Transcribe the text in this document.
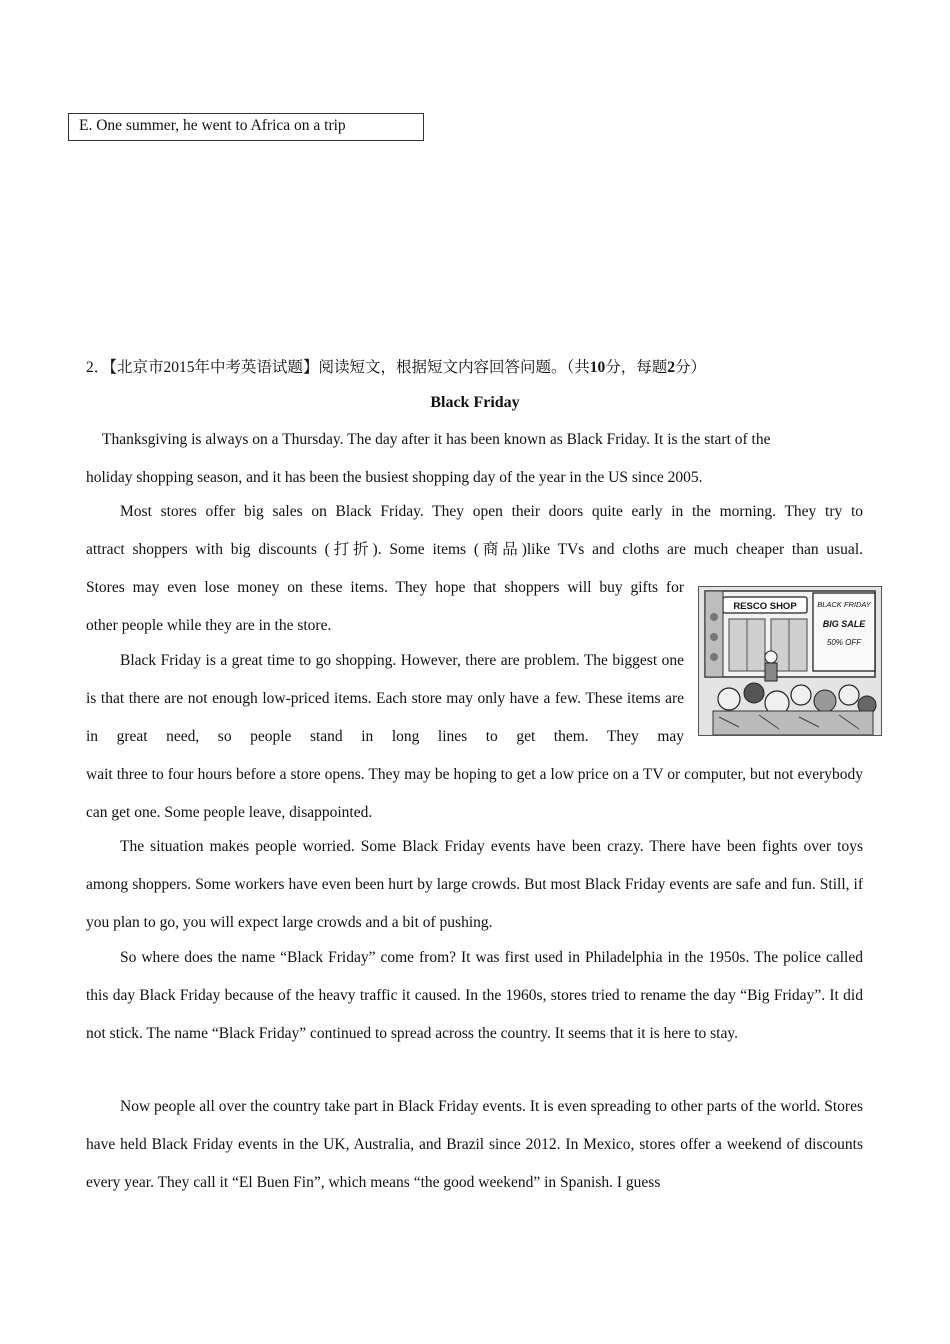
E. One summer, he went to Africa on a trip
2．【北京市2015年中考英语试题】阅读短文，根据短文内容回答问题。（共10分，每题2分）
Black Friday

Thanksgiving is always on a Thursday. The day after it has been known as Black Friday. It is the start of the

holiday shopping season, and it has been the busiest shopping day of the year in the US since 2005.

Most stores offer big sales on Black Friday. They open their doors quite early in the morning. They try to

attract shoppers with big discounts (打折). Some items (商品)like TVs and cloths are much cheaper than usual.

Stores may even lose money on these items. They hope that shoppers will buy gifts for

other people while they are in the store.

Black Friday is a great time to go shopping. However, there are problem. The biggest one is that there are not enough low-priced items. Each store may only have a few. These items are in great need, so people stand in long lines to get them. They may

wait three to four hours before a store opens. They may be hoping to get a low price on a TV or computer, but not everybody can get one. Some people leave, disappointed.

The situation makes people worried. Some Black Friday events have been crazy. There have been fights over toys among shoppers. Some workers have even been hurt by large crowds. But most Black Friday events are safe and fun. Still, if you plan to go, you will expect large crowds and a bit of pushing.

So where does the name “Black Friday” come from? It was first used in Philadelphia in the 1950s. The police called this day Black Friday because of the heavy traffic it caused. In the 1960s, stores tried to rename the day “Big Friday”. It did not stick. The name “Black Friday” continued to spread across the country. It seems that it is here to stay.

Now people all over the country take part in Black Friday events. It is even spreading to other parts of the world. Stores have held Black Friday events in the UK, Australia, and Brazil since 2012. In Mexico, stores offer a weekend of discounts every year. They call it “El Buen Fin”, which means “the good weekend” in Spanish. I guess

RESCO SHOP	BLACK FRIDAY
BIG SALE
50% OFF
